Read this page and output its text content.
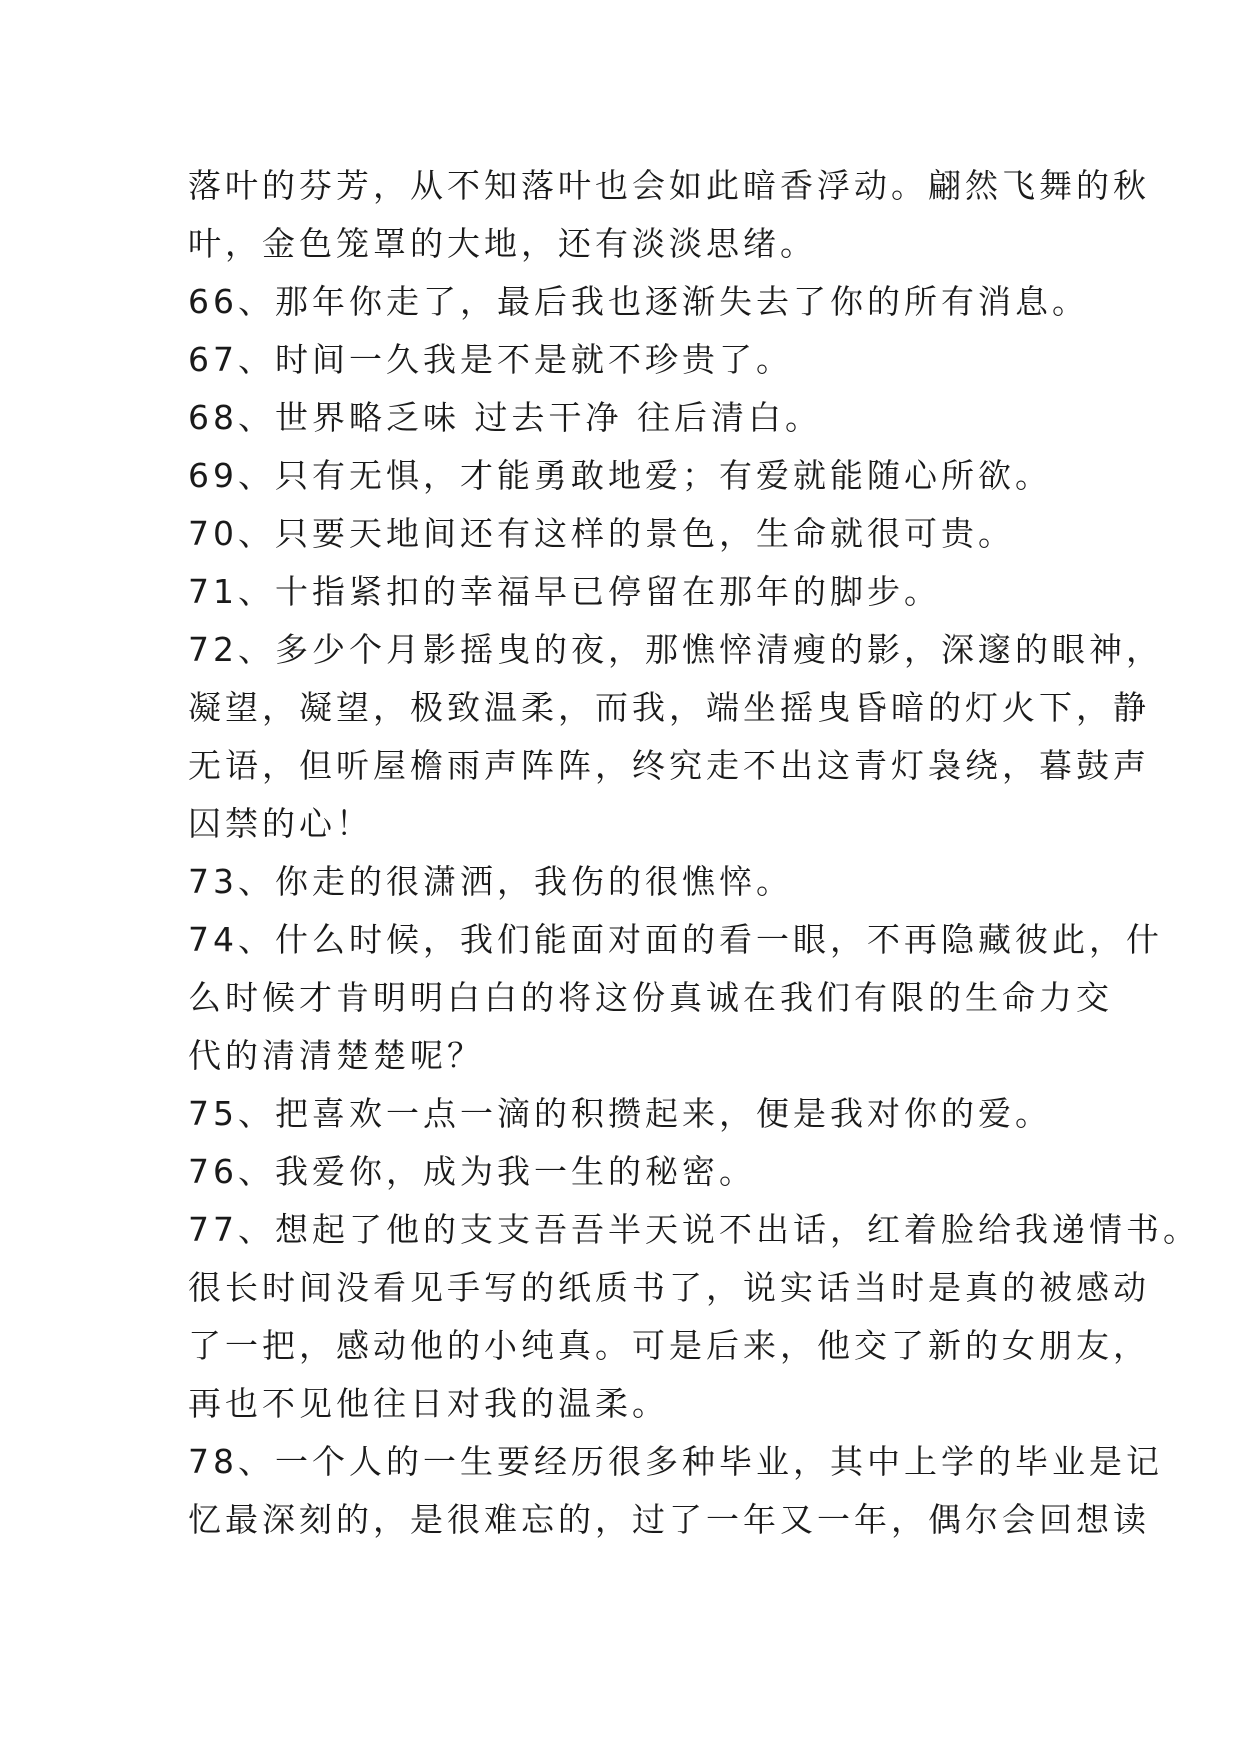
落叶的芬芳，从不知落叶也会如此暗香浮动。翩然飞舞的秋
叶，金色笼罩的大地，还有淡淡思绪。
66、那年你走了，最后我也逐渐失去了你的所有消息。
67、时间一久我是不是就不珍贵了。
68、世界略乏味 过去干净 往后清白。
69、只有无惧，才能勇敢地爱；有爱就能随心所欲。
70、只要天地间还有这样的景色，生命就很可贵。
71、十指紧扣的幸福早已停留在那年的脚步。
72、多少个月影摇曳的夜，那憔悴清瘦的影，深邃的眼神，
凝望，凝望，极致温柔，而我，端坐摇曳昏暗的灯火下，静
无语，但听屋檐雨声阵阵，终究走不出这青灯袅绕，暮鼓声
囚禁的心！
73、你走的很潇洒，我伤的很憔悴。
74、什么时候，我们能面对面的看一眼，不再隐藏彼此，什
么时候才肯明明白白的将这份真诚在我们有限的生命力交
代的清清楚楚呢？
75、把喜欢一点一滴的积攒起来，便是我对你的爱。
76、我爱你，成为我一生的秘密。
77、想起了他的支支吾吾半天说不出话，红着脸给我递情书。
很长时间没看见手写的纸质书了，说实话当时是真的被感动
了一把，感动他的小纯真。可是后来，他交了新的女朋友，
再也不见他往日对我的温柔。
78、一个人的一生要经历很多种毕业，其中上学的毕业是记
忆最深刻的，是很难忘的，过了一年又一年，偶尔会回想读
